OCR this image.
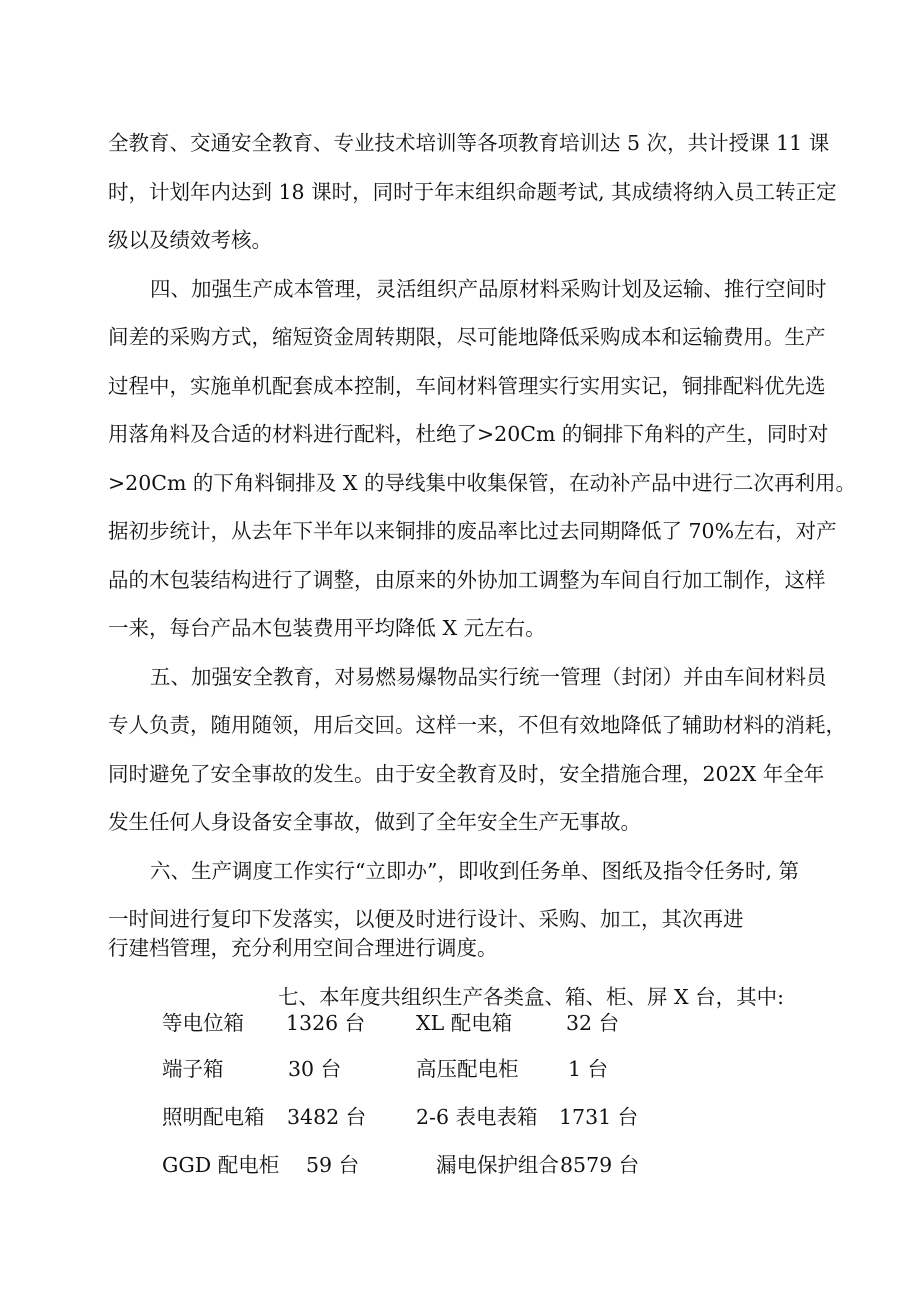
全教育、交通安全教育、专业技术培训等各项教育培训达 5 次，共计授课 11 课
时，计划年内达到 18 课时，同时于年末组织命题考试, 其成绩将纳入员工转正定
级以及绩效考核。
四、加强生产成本管理，灵活组织产品原材料采购计划及运输、推行空间时
间差的采购方式，缩短资金周转期限，尽可能地降低采购成本和运输费用。生产
过程中，实施单机配套成本控制，车间材料管理实行实用实记，铜排配料优先选
用落角料及合适的材料进行配料，杜绝了>20Cm 的铜排下角料的产生，同时对
>20Cm 的下角料铜排及 X 的导线集中收集保管，在动补产品中进行二次再利用。
据初步统计，从去年下半年以来铜排的废品率比过去同期降低了 70%左右，对产
品的木包装结构进行了调整，由原来的外协加工调整为车间自行加工制作，这样
一来，每台产品木包装费用平均降低 X 元左右。
五、加强安全教育，对易燃易爆物品实行统一管理（封闭）并由车间材料员
专人负责，随用随领，用后交回。这样一来，不但有效地降低了辅助材料的消耗，
同时避免了安全事故的发生。由于安全教育及时，安全措施合理，202X 年全年
发生任何人身设备安全事故，做到了全年安全生产无事故。
六、生产调度工作实行“立即办”，即收到任务单、图纸及指令任务时, 第
一时间进行复印下发落实，以便及时进行设计、采购、加工，其次再进
行建档管理，充分利用空间合理进行调度。
七、本年度共组织生产各类盒、箱、柜、屏 X 台，其中:
等电位箱 1326 台 XL 配电箱	32 台
端子箱	30 台	高压配电柜 1 台
照明配电箱 3482 台 2-6 表电表箱 1731 台
GGD 配电柜 59 台	漏电保护组合 8579 台
